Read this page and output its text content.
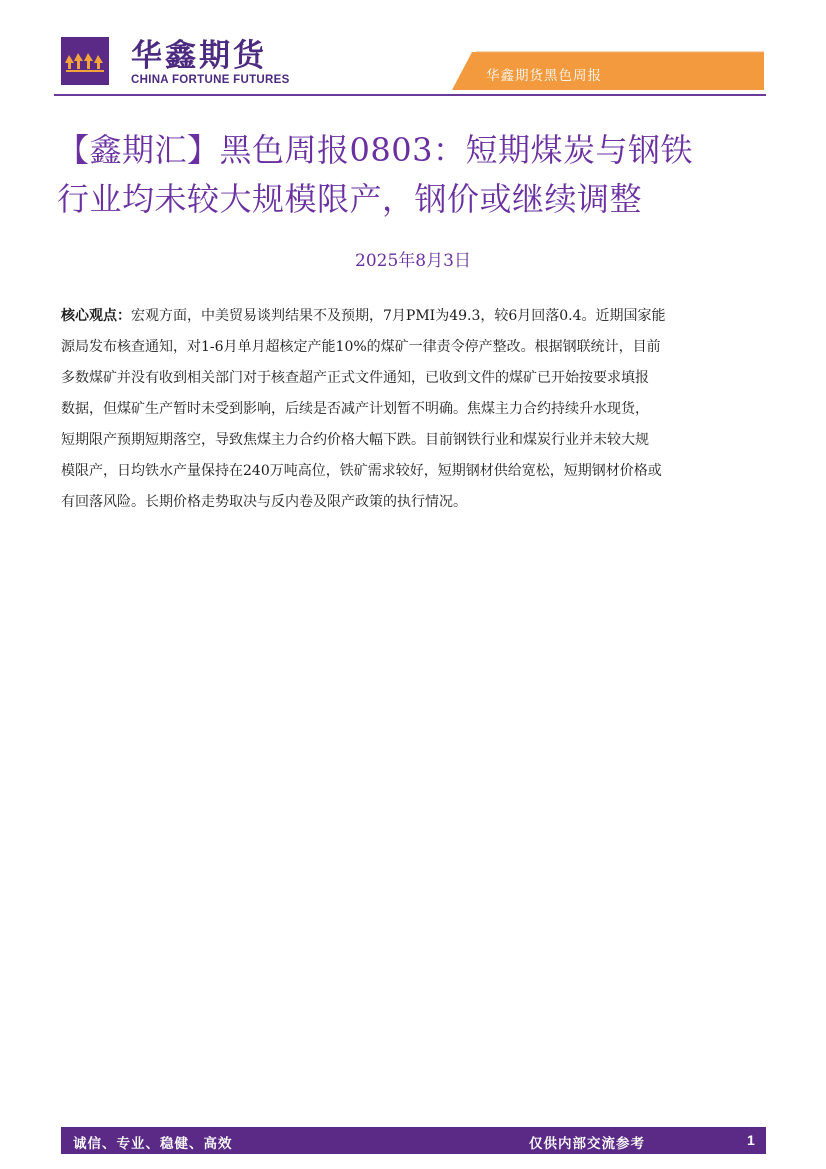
华鑫期货
CHINA FORTUNE FUTURES	华鑫期货黑色周报
【鑫期汇】黑色周报0803：短期煤炭与钢铁
行业均未较大规模限产，钢价或继续调整
2025年8月3日
核心观点：宏观方面，中美贸易谈判结果不及预期，7月PMI为49.3，较6月回落0.4。近期国家能
源局发布核查通知，对1-6月单月超核定产能10%的煤矿一律责令停产整改。根据钢联统计，目前
多数煤矿并没有收到相关部门对于核查超产正式文件通知，已收到文件的煤矿已开始按要求填报
数据，但煤矿生产暂时未受到影响，后续是否减产计划暂不明确。焦煤主力合约持续升水现货，
短期限产预期短期落空，导致焦煤主力合约价格大幅下跌。目前钢铁行业和煤炭行业并未较大规
模限产，日均铁水产量保持在240万吨高位，铁矿需求较好，短期钢材供给宽松，短期钢材价格或
有回落风险。长期价格走势取决与反内卷及限产政策的执行情况。
诚信、专业、稳健、高效	仅供内部交流参考	1
